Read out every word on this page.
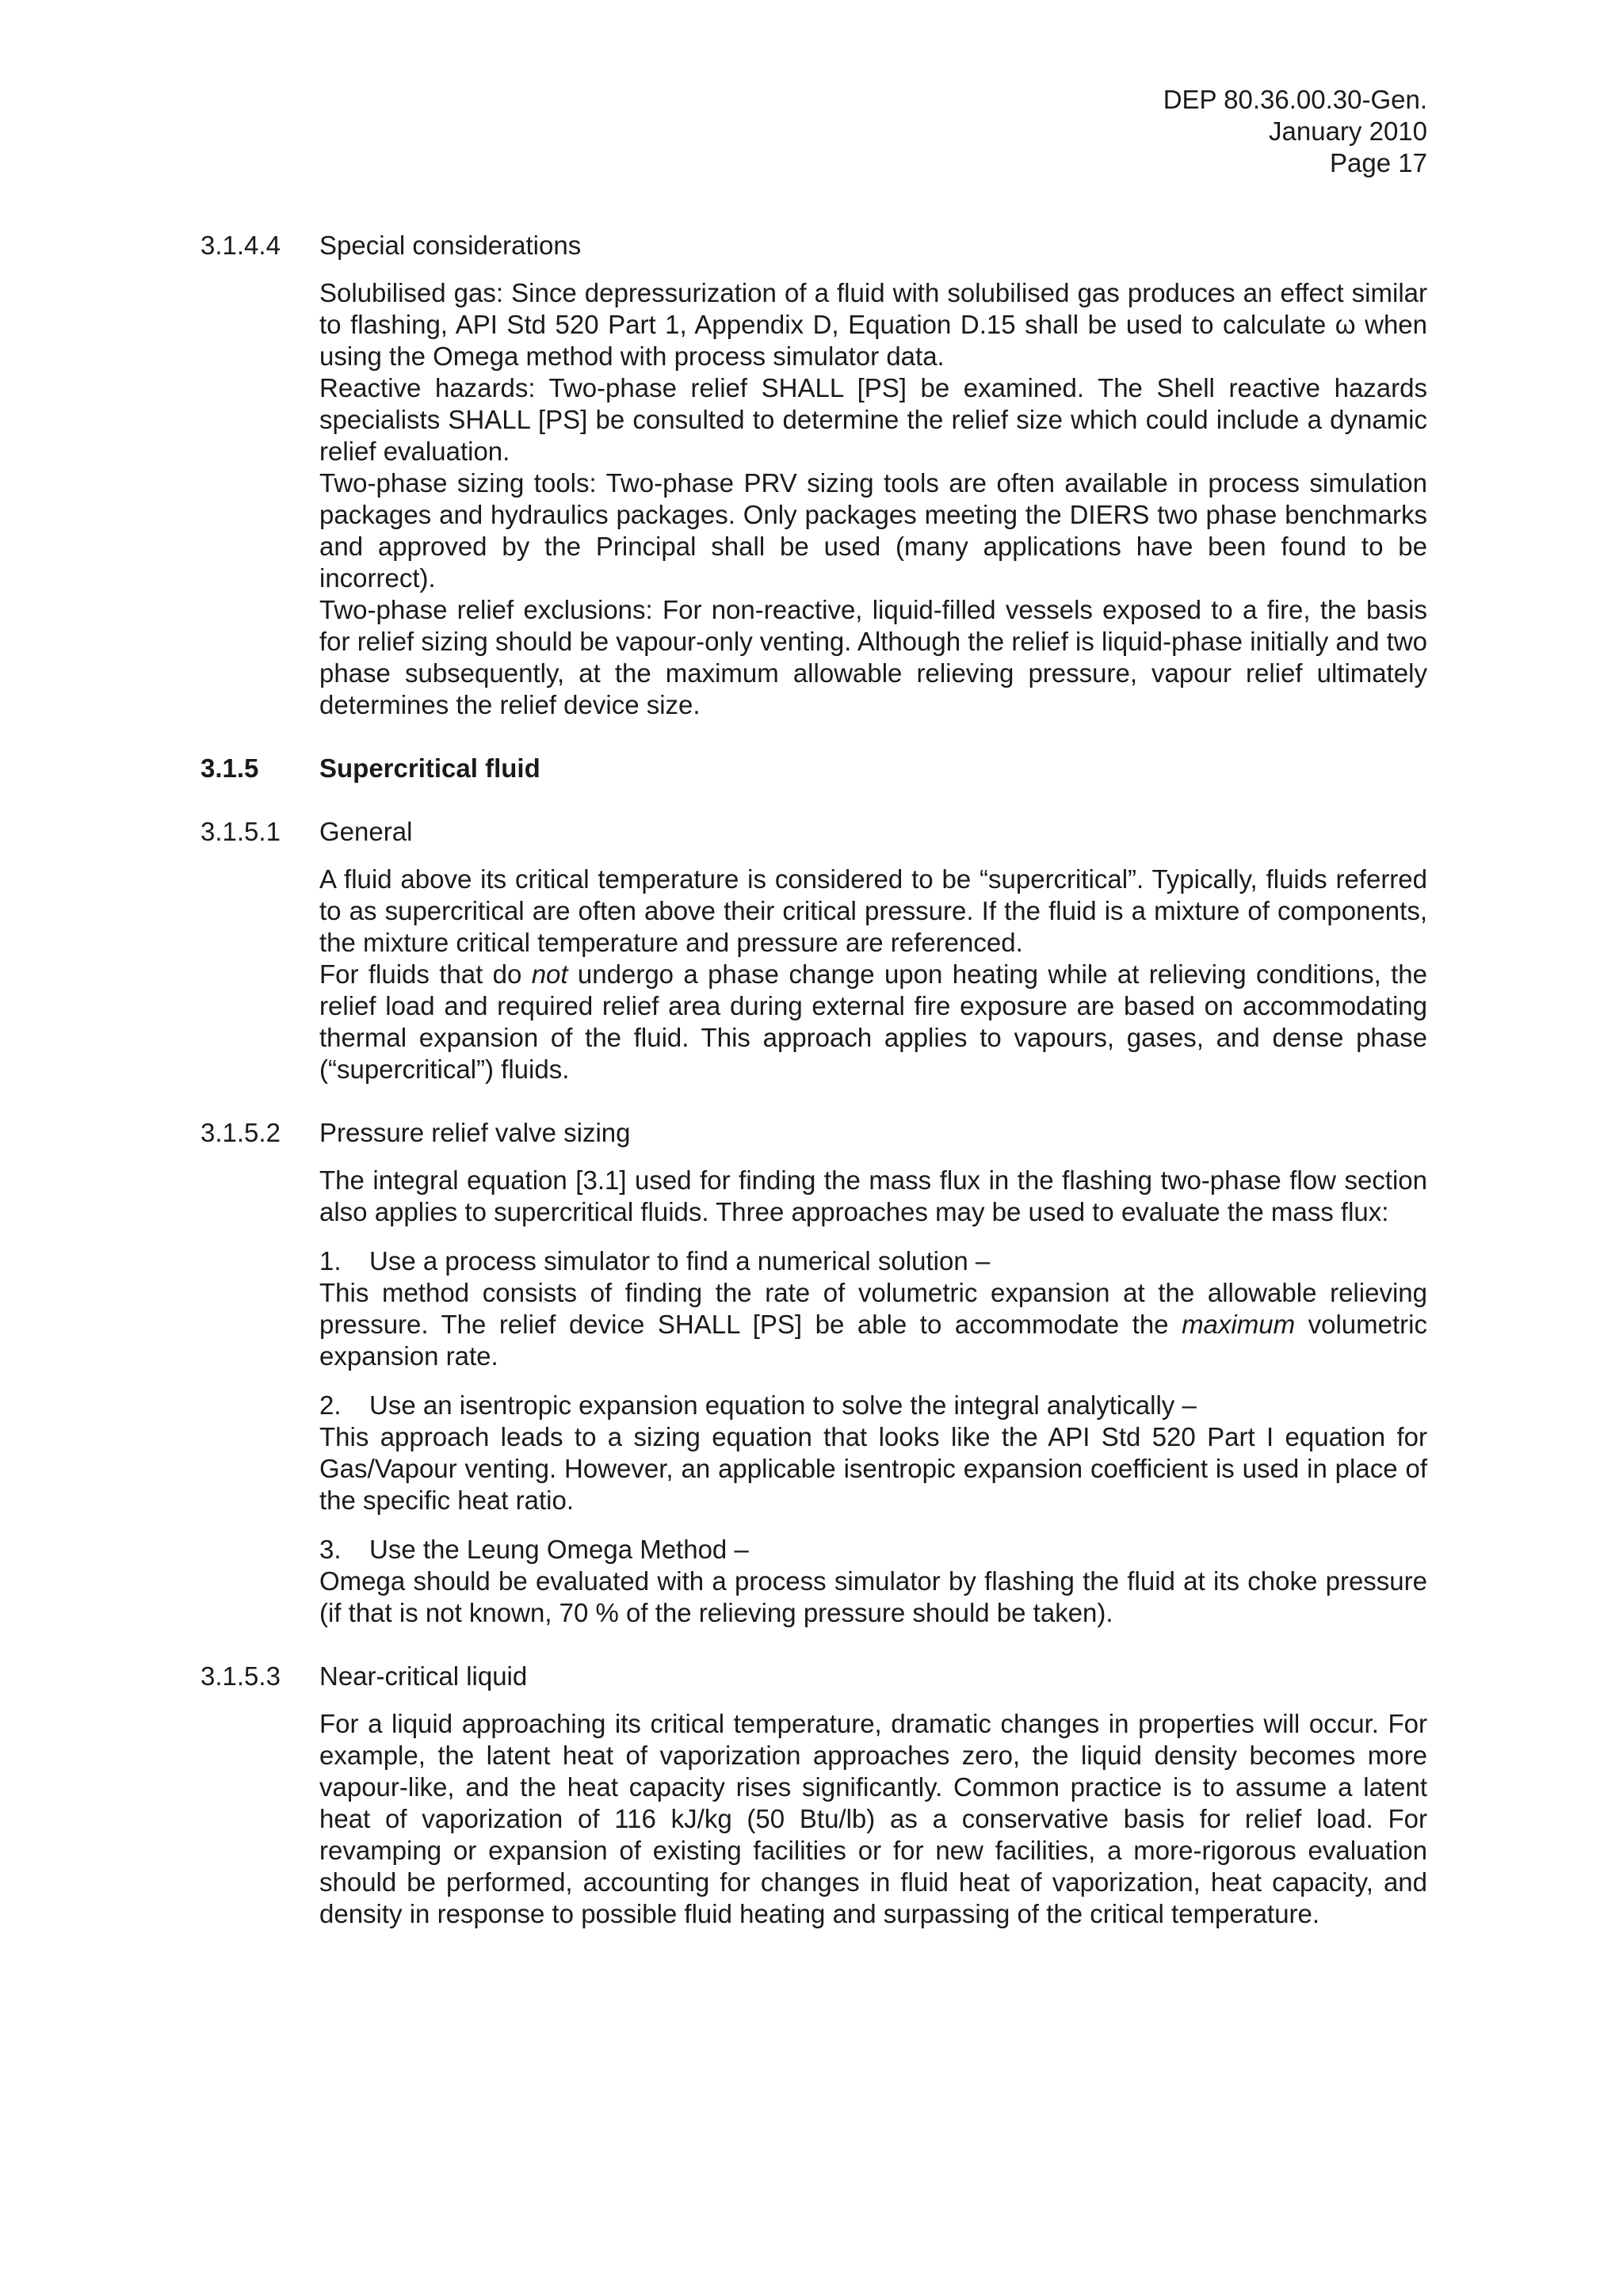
DEP 80.36.00.30-Gen.
January 2010
Page 17
3.1.4.4 Special considerations

Solubilised gas: Since depressurization of a fluid with solubilised gas produces an effect similar to flashing, API Std 520 Part 1, Appendix D, Equation D.15 shall be used to calculate ω when using the Omega method with process simulator data.

Reactive hazards: Two-phase relief SHALL [PS] be examined. The Shell reactive hazards specialists SHALL [PS] be consulted to determine the relief size which could include a dynamic relief evaluation.

Two-phase sizing tools: Two-phase PRV sizing tools are often available in process simulation packages and hydraulics packages. Only packages meeting the DIERS two phase benchmarks and approved by the Principal shall be used (many applications have been found to be incorrect).

Two-phase relief exclusions: For non-reactive, liquid-filled vessels exposed to a fire, the basis for relief sizing should be vapour-only venting. Although the relief is liquid-phase initially and two phase subsequently, at the maximum allowable relieving pressure, vapour relief ultimately determines the relief device size.

3.1.5 Supercritical fluid
3.1.5.1 General

A fluid above its critical temperature is considered to be “supercritical”. Typically, fluids referred to as supercritical are often above their critical pressure. If the fluid is a mixture of components, the mixture critical temperature and pressure are referenced.

For fluids that do not undergo a phase change upon heating while at relieving conditions, the relief load and required relief area during external fire exposure are based on accommodating thermal expansion of the fluid. This approach applies to vapours, gases, and dense phase (“supercritical”) fluids.

3.1.5.2 Pressure relief valve sizing

The integral equation [3.1] used for finding the mass flux in the flashing two-phase flow section also applies to supercritical fluids. Three approaches may be used to evaluate the mass flux:

1. Use a process simulator to find a numerical solution –

This method consists of finding the rate of volumetric expansion at the allowable relieving pressure. The relief device SHALL [PS] be able to accommodate the maximum volumetric expansion rate.

2. Use an isentropic expansion equation to solve the integral analytically –

This approach leads to a sizing equation that looks like the API Std 520 Part I equation for Gas/Vapour venting. However, an applicable isentropic expansion coefficient is used in place of the specific heat ratio.

3. Use the Leung Omega Method –

Omega should be evaluated with a process simulator by flashing the fluid at its choke pressure (if that is not known, 70 % of the relieving pressure should be taken).

3.1.5.3 Near-critical liquid

For a liquid approaching its critical temperature, dramatic changes in properties will occur. For example, the latent heat of vaporization approaches zero, the liquid density becomes more vapour-like, and the heat capacity rises significantly. Common practice is to assume a latent heat of vaporization of 116 kJ/kg (50 Btu/lb) as a conservative basis for relief load. For revamping or expansion of existing facilities or for new facilities, a more-rigorous evaluation should be performed, accounting for changes in fluid heat of vaporization, heat capacity, and density in response to possible fluid heating and surpassing of the critical temperature.
